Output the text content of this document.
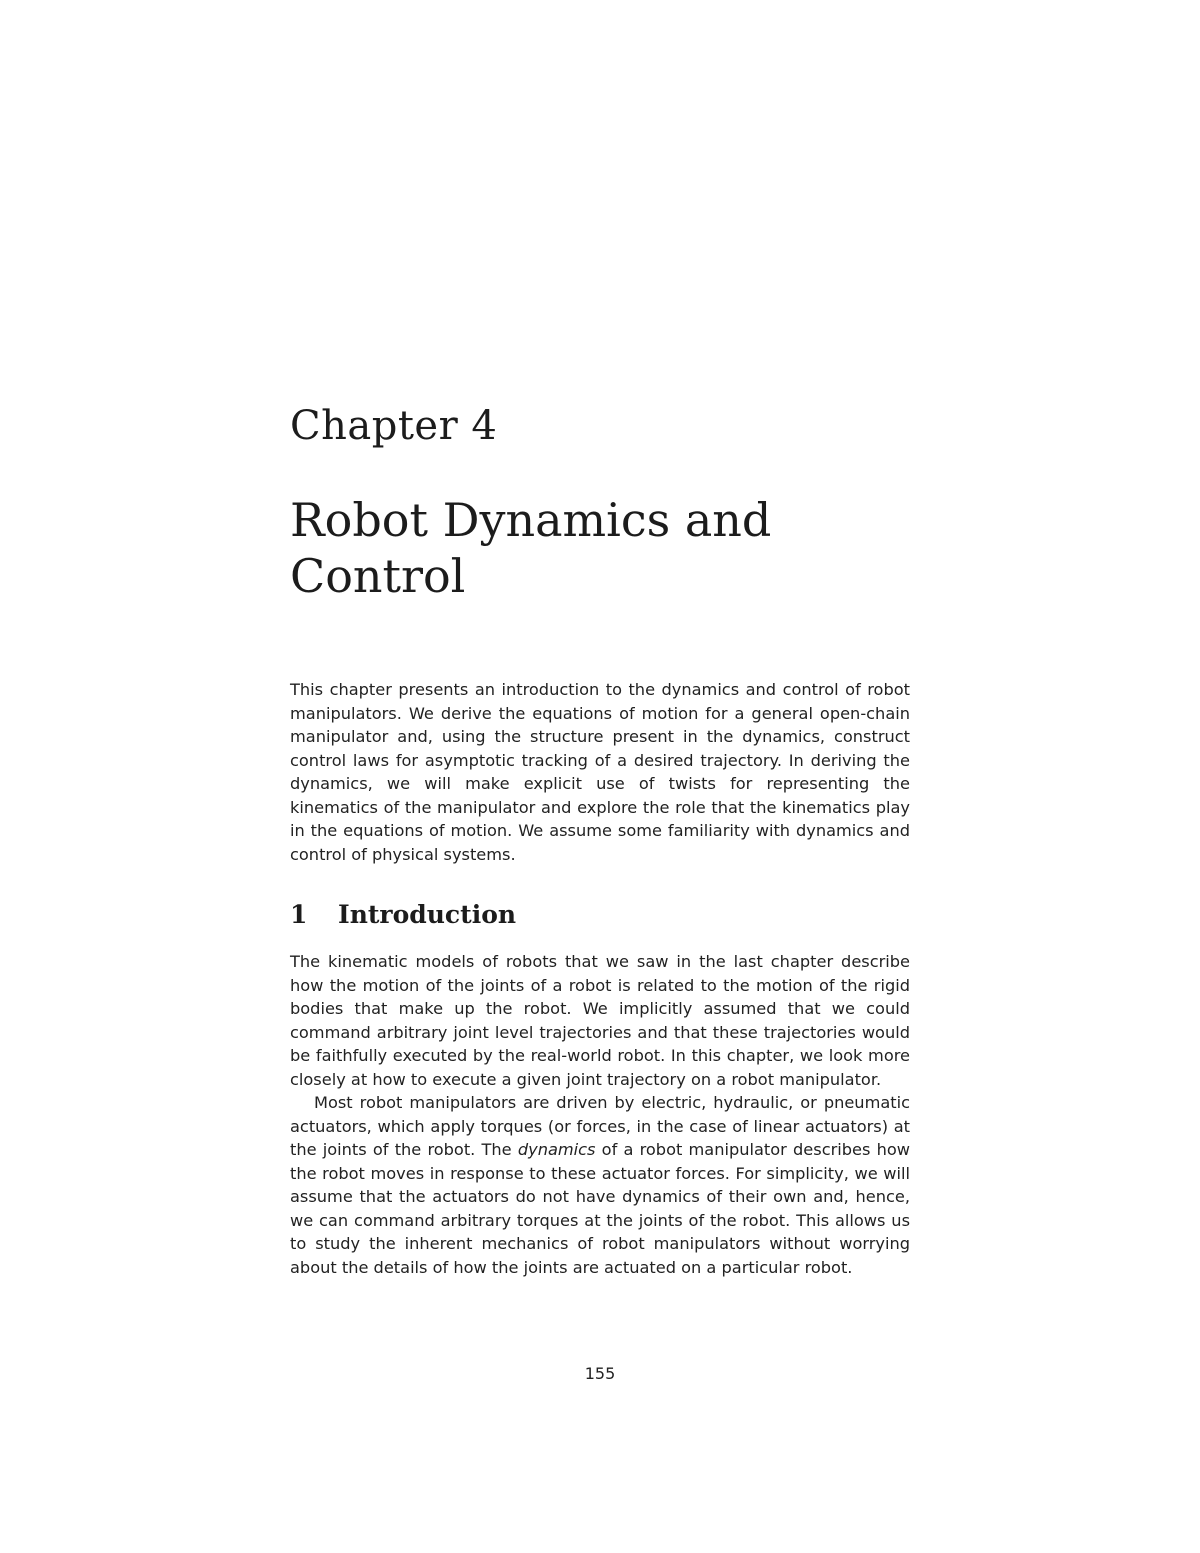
Chapter 4
Robot Dynamics and Control

This chapter presents an introduction to the dynamics and control of robot manipulators. We derive the equations of motion for a general open-chain manipulator and, using the structure present in the dynamics, construct control laws for asymptotic tracking of a desired trajectory. In deriving the dynamics, we will make explicit use of twists for representing the kinematics of the manipulator and explore the role that the kinematics play in the equations of motion. We assume some familiarity with dynamics and control of physical systems.

1 Introduction

The kinematic models of robots that we saw in the last chapter describe how the motion of the joints of a robot is related to the motion of the rigid bodies that make up the robot. We implicitly assumed that we could command arbitrary joint level trajectories and that these trajectories would be faithfully executed by the real-world robot. In this chapter, we look more closely at how to execute a given joint trajectory on a robot manipulator.

Most robot manipulators are driven by electric, hydraulic, or pneumatic actuators, which apply torques (or forces, in the case of linear actuators) at the joints of the robot. The dynamics of a robot manipulator describes how the robot moves in response to these actuator forces. For simplicity, we will assume that the actuators do not have dynamics of their own and, hence, we can command arbitrary torques at the joints of the robot. This allows us to study the inherent mechanics of robot manipulators without worrying about the details of how the joints are actuated on a particular robot.

155
